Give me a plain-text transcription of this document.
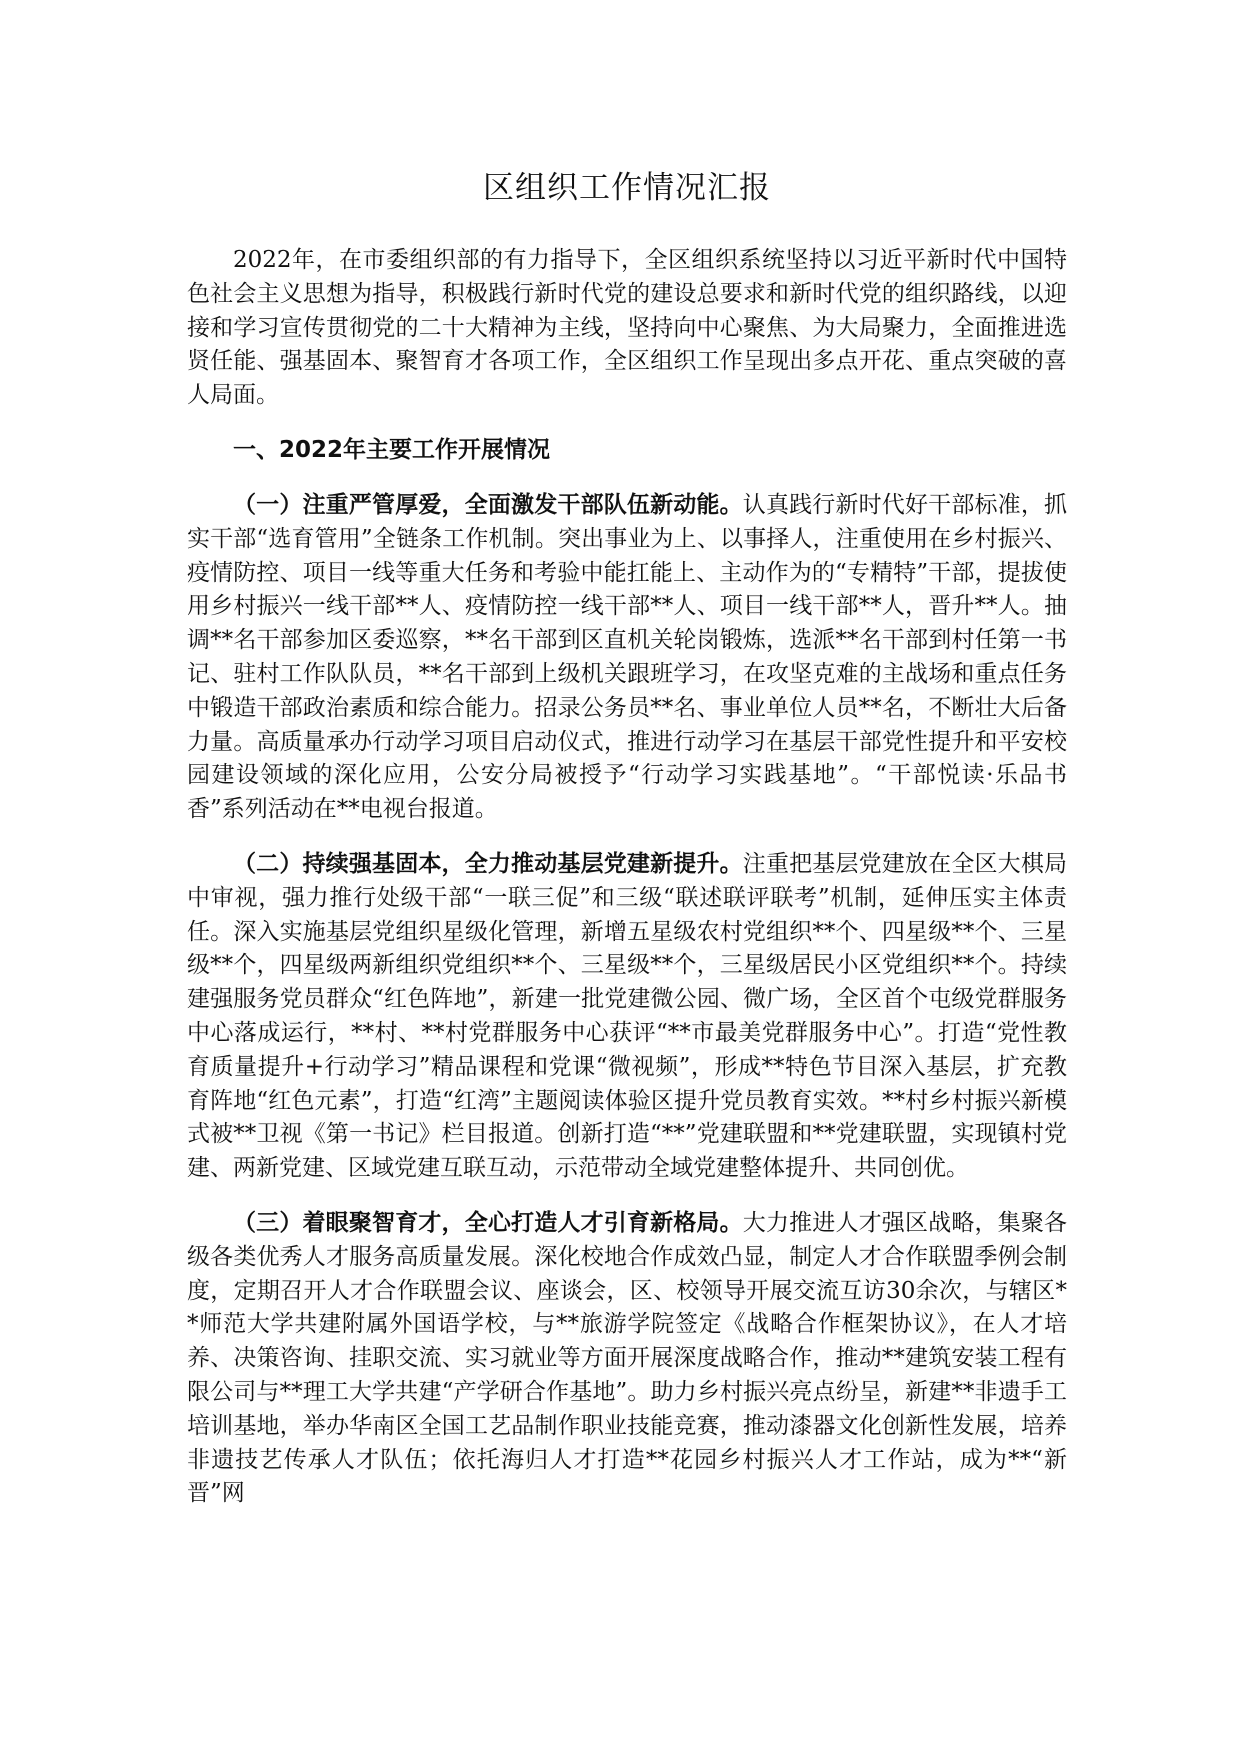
区组织工作情况汇报

2022年，在市委组织部的有力指导下，全区组织系统坚持以习近平新时代中国特色社会主义思想为指导，积极践行新时代党的建设总要求和新时代党的组织路线，以迎接和学习宣传贯彻党的二十大精神为主线，坚持向中心聚焦、为大局聚力，全面推进选贤任能、强基固本、聚智育才各项工作，全区组织工作呈现出多点开花、重点突破的喜人局面。

一、2022年主要工作开展情况

（一）注重严管厚爱，全面激发干部队伍新动能。认真践行新时代好干部标准，抓实干部“选育管用”全链条工作机制。突出事业为上、以事择人，注重使用在乡村振兴、疫情防控、项目一线等重大任务和考验中能扛能上、主动作为的“专精特”干部，提拔使用乡村振兴一线干部**人、疫情防控一线干部**人、项目一线干部**人，晋升**人。抽调**名干部参加区委巡察，**名干部到区直机关轮岗锻炼，选派**名干部到村任第一书记、驻村工作队队员，**名干部到上级机关跟班学习，在攻坚克难的主战场和重点任务中锻造干部政治素质和综合能力。招录公务员**名、事业单位人员**名，不断壮大后备力量。高质量承办行动学习项目启动仪式，推进行动学习在基层干部党性提升和平安校园建设领域的深化应用，公安分局被授予“行动学习实践基地”。“干部悦读·乐品书香”系列活动在**电视台报道。

（二）持续强基固本，全力推动基层党建新提升。注重把基层党建放在全区大棋局中审视，强力推行处级干部“一联三促”和三级“联述联评联考”机制，延伸压实主体责任。深入实施基层党组织星级化管理，新增五星级农村党组织**个、四星级**个、三星级**个，四星级两新组织党组织**个、三星级**个，三星级居民小区党组织**个。持续建强服务党员群众“红色阵地”，新建一批党建微公园、微广场，全区首个屯级党群服务中心落成运行，**村、**村党群服务中心获评“**市最美党群服务中心”。打造“党性教育质量提升+行动学习”精品课程和党课“微视频”，形成**特色节目深入基层，扩充教育阵地“红色元素”，打造“红湾”主题阅读体验区提升党员教育实效。**村乡村振兴新模式被**卫视《第一书记》栏目报道。创新打造“**”党建联盟和**党建联盟，实现镇村党建、两新党建、区域党建互联互动，示范带动全域党建整体提升、共同创优。

（三）着眼聚智育才，全心打造人才引育新格局。大力推进人才强区战略，集聚各级各类优秀人才服务高质量发展。深化校地合作成效凸显，制定人才合作联盟季例会制度，定期召开人才合作联盟会议、座谈会，区、校领导开展交流互访30余次，与辖区**师范大学共建附属外国语学校，与**旅游学院签定《战略合作框架协议》，在人才培养、决策咨询、挂职交流、实习就业等方面开展深度战略合作，推动**建筑安装工程有限公司与**理工大学共建“产学研合作基地”。助力乡村振兴亮点纷呈，新建**非遗手工培训基地，举办华南区全国工艺品制作职业技能竞赛，推动漆器文化创新性发展，培养非遗技艺传承人才队伍；依托海归人才打造**花园乡村振兴人才工作站，成为**“新晋”网
